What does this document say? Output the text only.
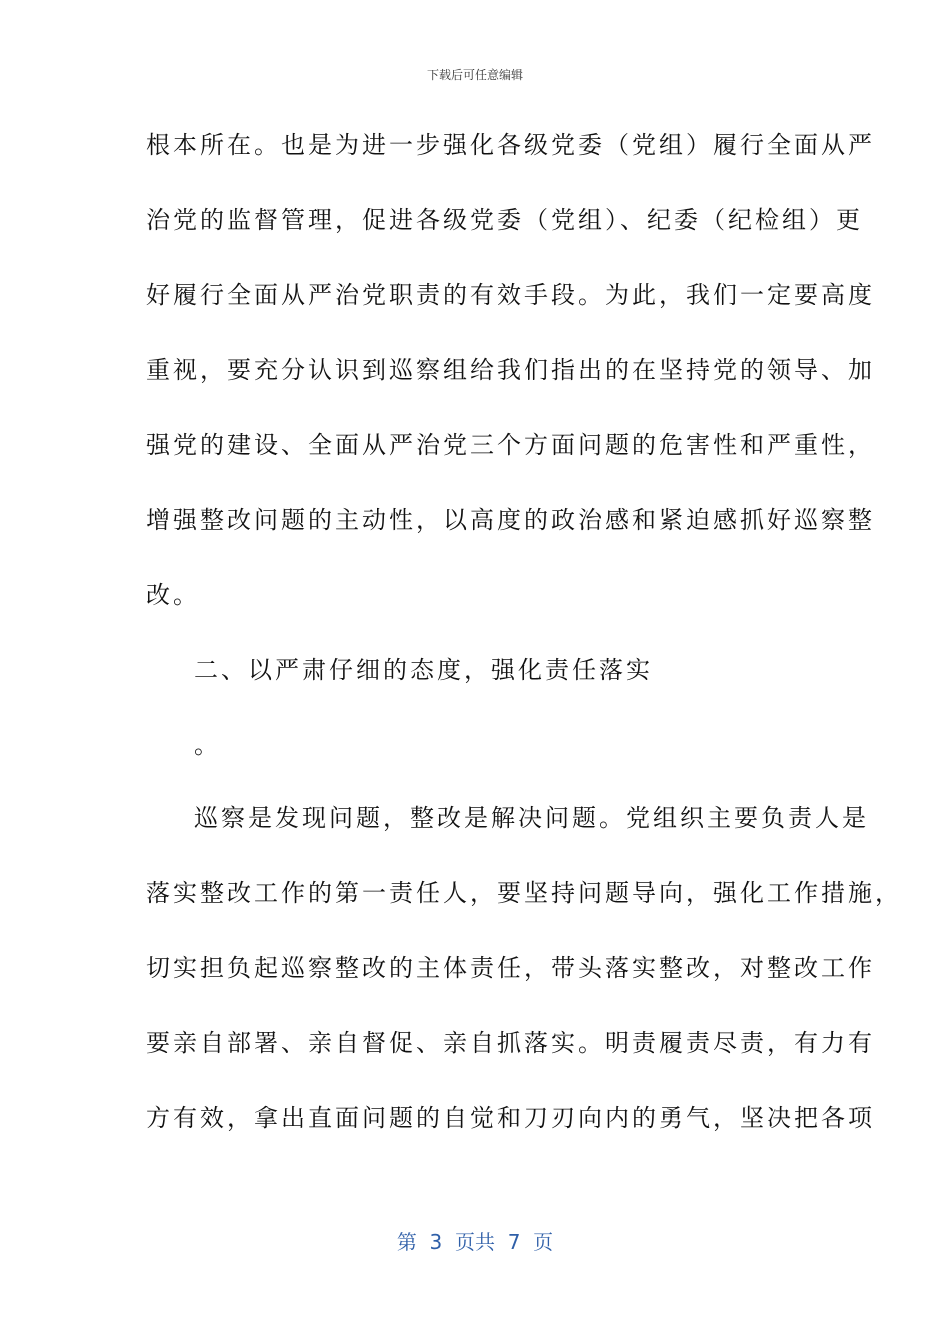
下载后可任意编辑
根本所在。也是为进一步强化各级党委（党组）履行全面从严
治党的监督管理，促进各级党委（党组）、纪委（纪检组）更
好履行全面从严治党职责的有效手段。为此，我们一定要高度
重视，要充分认识到巡察组给我们指出的在坚持党的领导、加
强党的建设、全面从严治党三个方面问题的危害性和严重性，
增强整改问题的主动性，以高度的政治感和紧迫感抓好巡察整
改。
二、以严肃仔细的态度，强化责任落实
。
巡察是发现问题，整改是解决问题。党组织主要负责人是
落实整改工作的第一责任人，要坚持问题导向，强化工作措施，
切实担负起巡察整改的主体责任，带头落实整改，对整改工作
要亲自部署、亲自督促、亲自抓落实。明责履责尽责，有力有
方有效，拿出直面问题的自觉和刀刃向内的勇气，坚决把各项
第  3  页共  7  页
